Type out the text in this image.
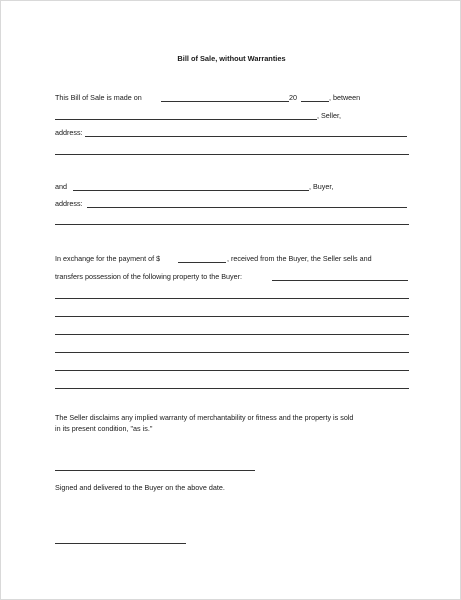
Bill of Sale, without Warranties
This Bill of Sale is made on	20	, between
, Seller,
address:
and	, Buyer,
address:
In exchange for the payment of $	, received from the Buyer, the Seller sells and
transfers possession of the following property to the Buyer:
The Seller disclaims any implied warranty of merchantability or fitness and the property is sold
in its present condition, "as is."
Signed and delivered to the Buyer on the above date.
